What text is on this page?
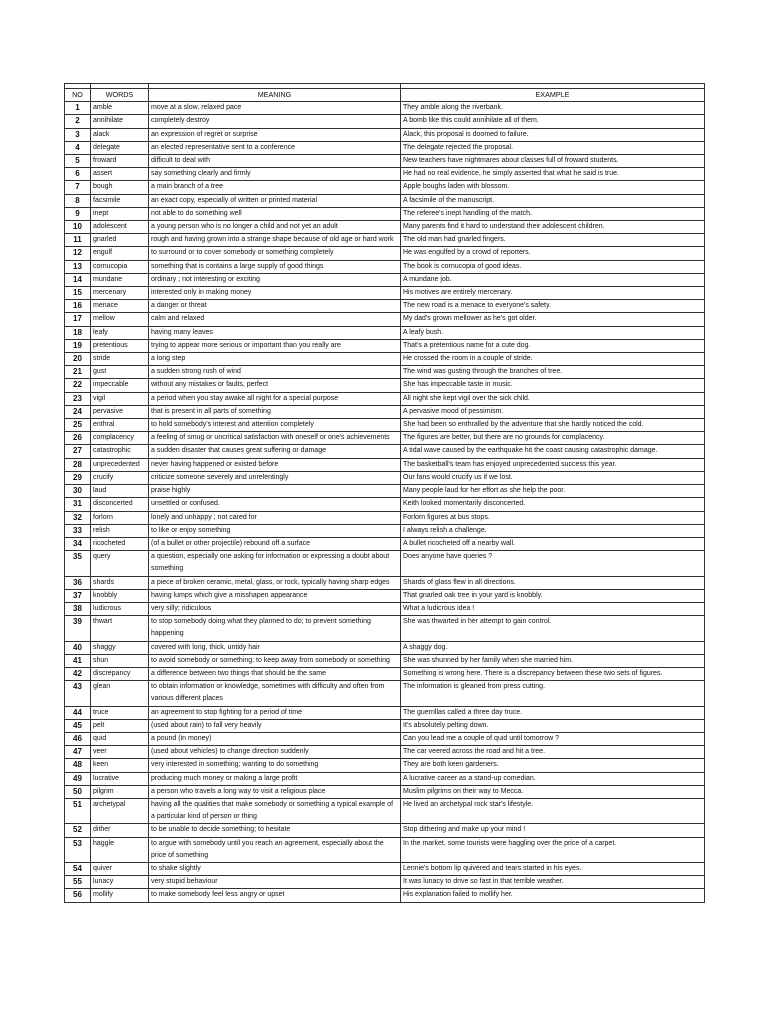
NO	WORDS	MEANING	EXAMPLE
1	amble	move at a slow, relaxed pace	They amble along the riverbank.
2	annihilate	completely destroy	A bomb like this could annihilate all of them.
3	alack	an expression of regret or surprise	Alack, this proposal is doomed to failure.
4	delegate	an elected representative sent to a conference	The delegate rejected the proposal.
5	froward	difficult to deal with	New teachers have nightmares about classes full of froward students.
6	assert	say something clearly and firmly	He had no real evidence, he simply asserted that what he said is true.
7	bough	a main branch of a tree	Apple boughs laden with blossom.
8	facsimile	an exact copy, especially of written or printed material	A facsimile of the manuscript.
9	inept	not able to do something well	The referee's inept handling of the match.
10	adolescent	a young person who is no longer a child and not yet an adult	Many parents find it hard to understand their adolescent children.
11	gnarled	rough and having grown into a strange shape because of old age or hard work	The old man had gnarled fingers.
12	engulf	to surround or to cover somebody or something completely	He was engulfed by a crowd of reporters.
13	cornucopia	something that is contains a large supply of good things	The book is cornucopia of good ideas.
14	mundane	ordinary ; not interesting or exciting	A mundane job.
15	mercenary	interested only in making money	His motives are entirely mercenary.
16	menace	a danger or threat	The new road is a menace to everyone's safety.
17	mellow	calm and relaxed	My dad's grown mellower as he's got older.
18	leafy	having many leaves	A leafy bush.
19	pretentious	trying to appear more serious or important than you really are	That's a pretentious name for a cute dog.
20	stride	a long step	He crossed the room in a couple of stride.
21	gust	a sudden strong rush of wind	The wind was gusting through the branches of tree.
22	impeccable	without any mistakes or faults, perfect	She has impeccable taste in music.
23	vigil	a period when you stay awake all night for a special purpose	All night she kept vigil over the sick child.
24	pervasive	that is present in all parts of something	A pervasive mood of pessimism.
25	enthral	to hold somebody's interest and attention completely	She had been so enthralled by the adventure that she hardly noticed the cold.
26	complacency	a feeling of smug or uncritical satisfaction with oneself or one's achievements	The figures are better, but there are no grounds for complacency.
27	catastrophic	a sudden disaster that causes great suffering or damage	A tidal wave caused by the earthquake hit the coast causing catastrophic damage.
28	unprecedented	never having happened or existed before	The basketball's team has enjoyed unprecedented success this year.
29	crucify	criticize someone severely and unrelentingly	Our fans would crucify us if we lost.
30	laud	praise highly	Many people laud for her effort as she help the poor.
31	disconcerted	unsettled or confused.	Keith looked momentarily disconcerted.
32	forlorn	lonely and unhappy ; not cared for	Forlorn figures at bus stops.
33	relish	to like or enjoy something	I always relish a challenge.
34	ricocheted	(of a bullet or other projectile) rebound off a surface	A bullet ricocheted off a nearby wall.
35	query	a question, especially one asking for information or expressing a doubt about something	Does anyone have queries ?
36	shards	a piece of broken ceramic, metal, glass, or rock, typically having sharp edges	Shards of glass flew in all directions.
37	knobbly	having lumps which give a misshapen appearance	That gnarled oak tree in your yard is knobbly.
38	ludicrous	very silly; ridiculous	What a ludicrous idea !
39	thwart	to stop somebody doing what they planned to do; to prevent something happening	She was thwarted in her attempt to gain control.
40	shaggy	covered with long, thick, untidy hair	A shaggy dog.
41	shun	to avoid somebody or something; to keep away from somebody or something	She was shunned by her family when she married him.
42	discrepancy	a difference between two things that should be the same	Something is wrong here. There is a discrepancy between these two sets of figures.
43	glean	to obtain information or knowledge, sometimes with difficulty and often from various different places	The information is gleaned from press cutting.
44	truce	an agreement to stop fighting for a period of time	The guerrillas called a three day truce.
45	pelt	(used about rain) to fall very heavily	It's absolutely pelting down.
46	quid	a pound (in money)	Can you lead me a couple of quid until tomorrow ?
47	veer	(used about vehicles) to change direction suddenly	The car veered across the road and hit a tree.
48	keen	very interested in something; wanting to do something	They are both keen gardeners.
49	lucrative	producing much money or making a large profit	A lucrative career as a stand-up comedian.
50	pilgrim	a person who travels a long way to visit a religious place	Muslim pilgrims on their way to Mecca.
51	archetypal	having all the qualities that make somebody or something a typical example of a particular kind of person or thing	He lived an archetypal rock star's lifestyle.
52	dither	to be unable to decide something; to hesitate	Stop dithering and make up your mind !
53	haggle	to argue with somebody until you reach an agreement, especially about the price of something	In the market, some tourists were haggling over the price of a carpet.
54	quiver	to shake slightly	Lennie's bottom lip quivered and tears started in his eyes.
55	lunacy	very stupid behaviour	It was lunacy to drive so fast in that terrible weather.
56	mollify	to make somebody feel less angry or upset	His explanation failed to mollify her.
